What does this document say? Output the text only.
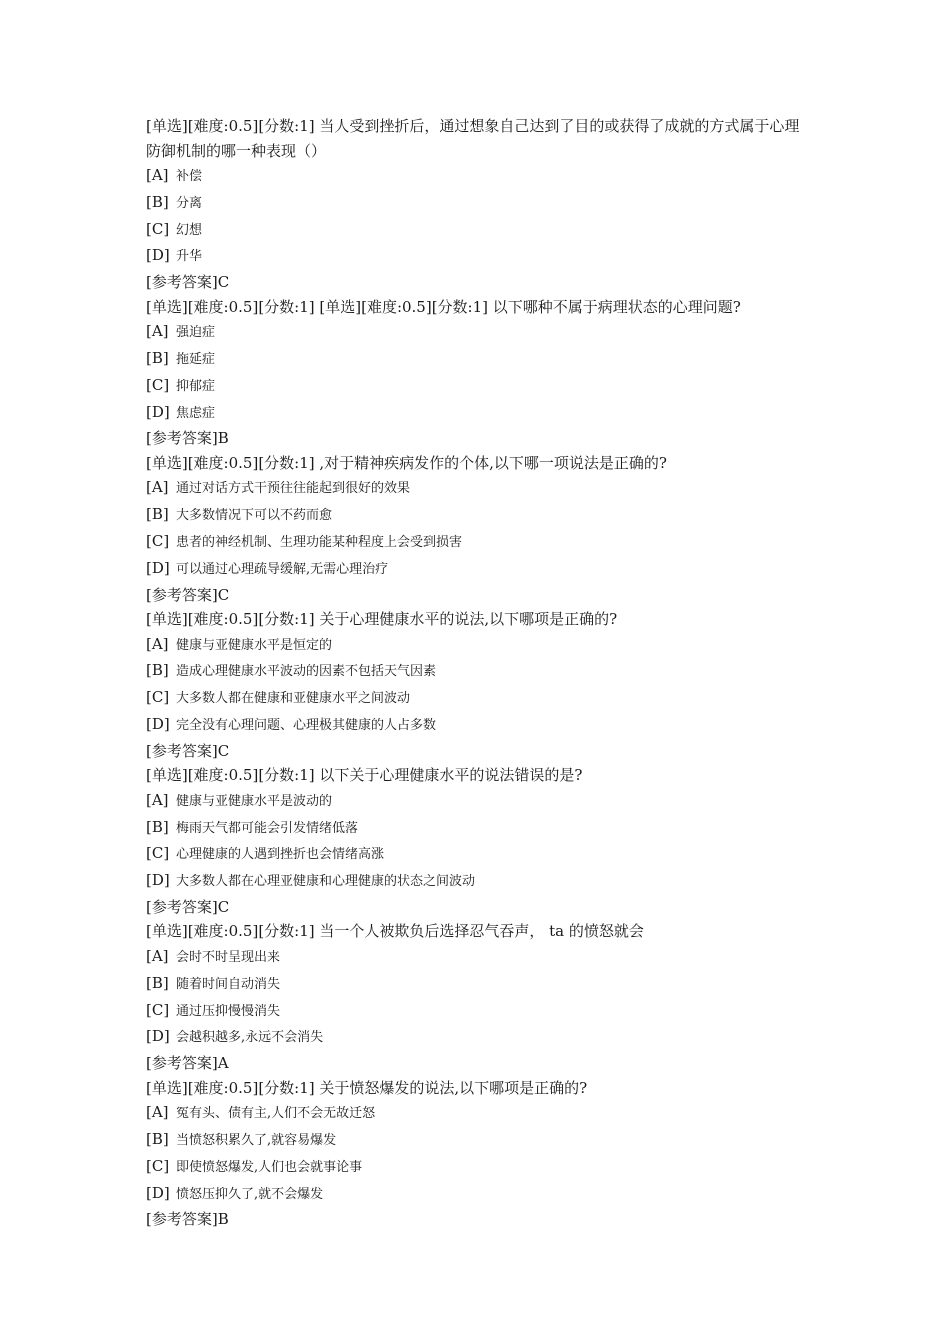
[单选][难度:0.5][分数:1] 当人受到挫折后，通过想象自己达到了目的或获得了成就的方式属于心理防御机制的哪一种表现（）

[A] 补偿
[B] 分离
[C] 幻想
[D] 升华

[参考答案]C

[单选][难度:0.5][分数:1] [单选][难度:0.5][分数:1] 以下哪种不属于病理状态的心理问题?

[A] 强迫症
[B] 拖延症
[C] 抑郁症
[D] 焦虑症

[参考答案]B

[单选][难度:0.5][分数:1] ,对于精神疾病发作的个体,以下哪一项说法是正确的?

[A] 通过对话方式干预往往能起到很好的效果
[B] 大多数情况下可以不药而愈
[C] 患者的神经机制、生理功能某种程度上会受到损害
[D] 可以通过心理疏导缓解,无需心理治疗

[参考答案]C

[单选][难度:0.5][分数:1] 关于心理健康水平的说法,以下哪项是正确的?

[A] 健康与亚健康水平是恒定的
[B] 造成心理健康水平波动的因素不包括天气因素
[C] 大多数人都在健康和亚健康水平之间波动
[D] 完全没有心理问题、心理极其健康的人占多数

[参考答案]C

[单选][难度:0.5][分数:1] 以下关于心理健康水平的说法错误的是?

[A] 健康与亚健康水平是波动的
[B] 梅雨天气都可能会引发情绪低落
[C] 心理健康的人遇到挫折也会情绪高涨
[D] 大多数人都在心理亚健康和心理健康的状态之间波动

[参考答案]C

[单选][难度:0.5][分数:1] 当一个人被欺负后选择忍气吞声， ta 的愤怒就会

[A] 会时不时呈现出来
[B] 随着时间自动消失
[C] 通过压抑慢慢消失
[D] 会越积越多,永远不会消失

[参考答案]A

[单选][难度:0.5][分数:1] 关于愤怒爆发的说法,以下哪项是正确的?

[A] 冤有头、债有主,人们不会无故迁怒
[B] 当愤怒积累久了,就容易爆发
[C] 即使愤怒爆发,人们也会就事论事
[D] 愤怒压抑久了,就不会爆发

[参考答案]B
